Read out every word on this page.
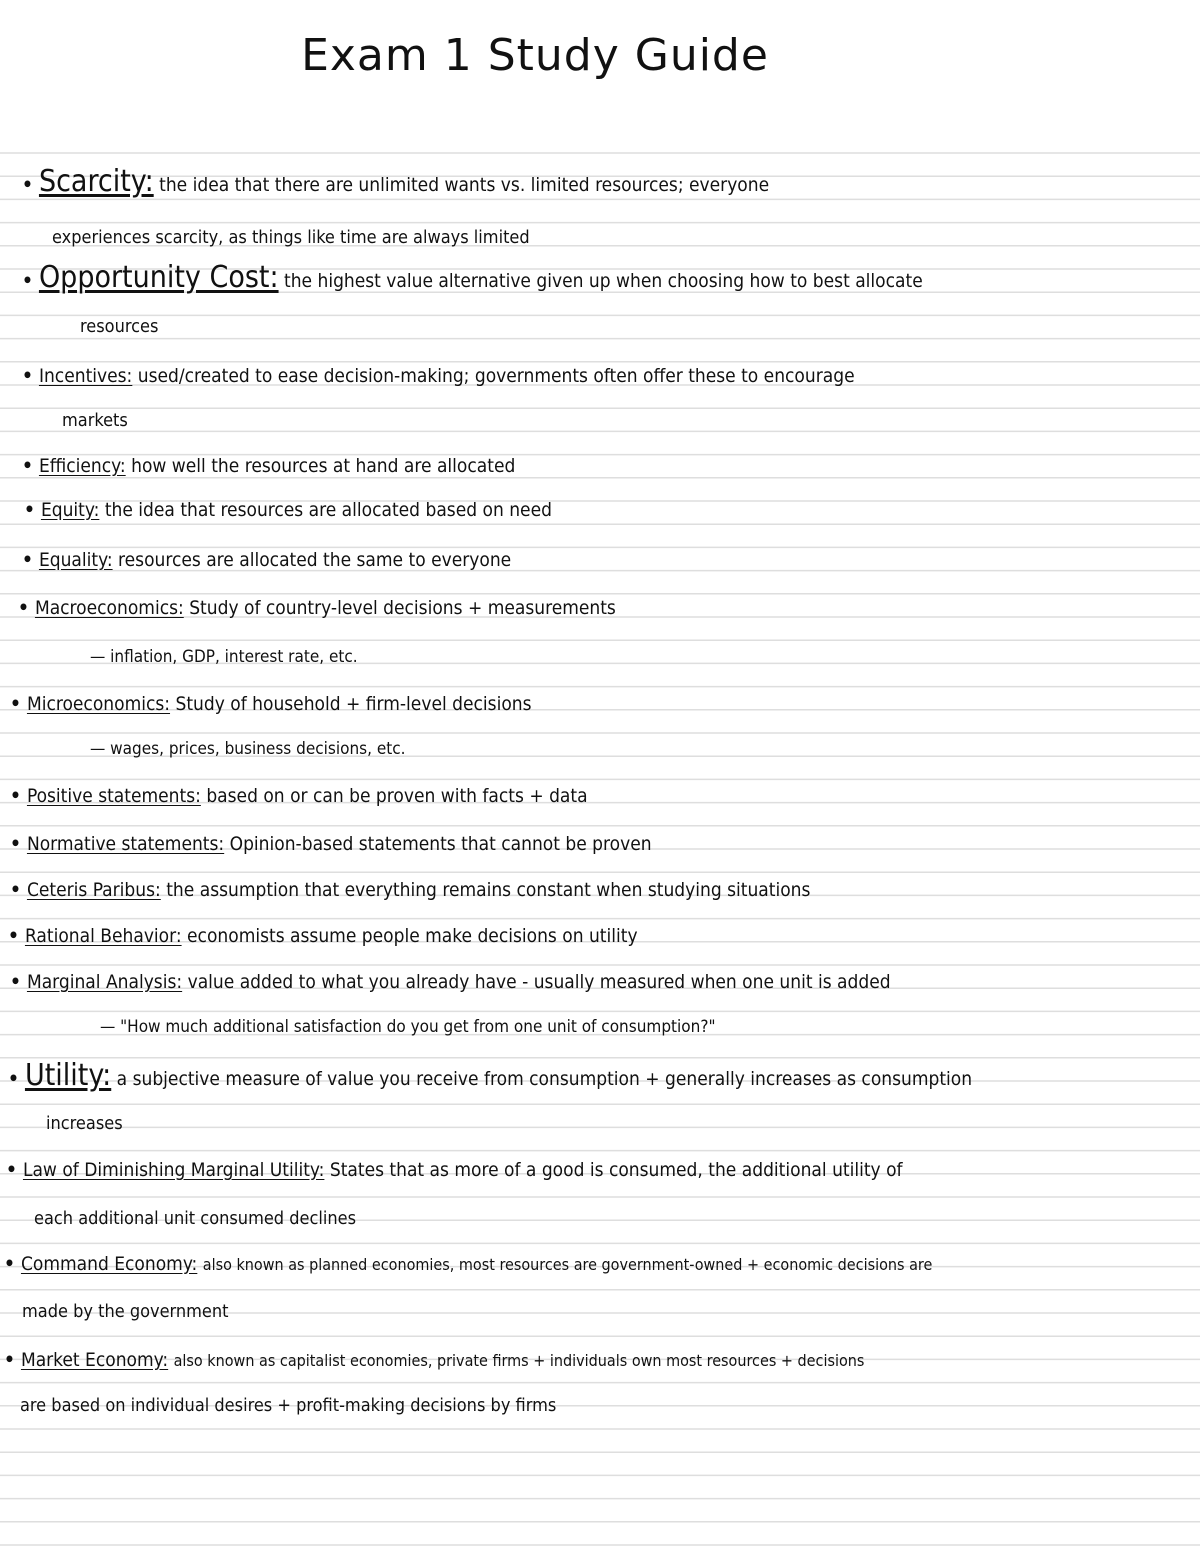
Exam 1 Study Guide
• Scarcity: the idea that there are unlimited wants vs. limited resources; everyone
experiences scarcity, as things like time are always limited
• Opportunity Cost: the highest value alternative given up when choosing how to best allocate
resources
• Incentives: used/created to ease decision-making; governments often offer these to encourage
markets
• Efficiency: how well the resources at hand are allocated
• Equity: the idea that resources are allocated based on need
• Equality: resources are allocated the same to everyone
• Macroeconomics: Study of country-level decisions + measurements
— inflation, GDP, interest rate, etc.
• Microeconomics: Study of household + firm-level decisions
— wages, prices, business decisions, etc.
• Positive statements: based on or can be proven with facts + data
• Normative statements: Opinion-based statements that cannot be proven
• Ceteris Paribus: the assumption that everything remains constant when studying situations
• Rational Behavior: economists assume people make decisions on utility
• Marginal Analysis: value added to what you already have - usually measured when one unit is added
— "How much additional satisfaction do you get from one unit of consumption?"
• Utility: a subjective measure of value you receive from consumption + generally increases as consumption
increases
• Law of Diminishing Marginal Utility: States that as more of a good is consumed, the additional utility of
each additional unit consumed declines
• Command Economy: also known as planned economies, most resources are government-owned + economic decisions are
made by the government
• Market Economy: also known as capitalist economies, private firms + individuals own most resources + decisions
are based on individual desires + profit-making decisions by firms
